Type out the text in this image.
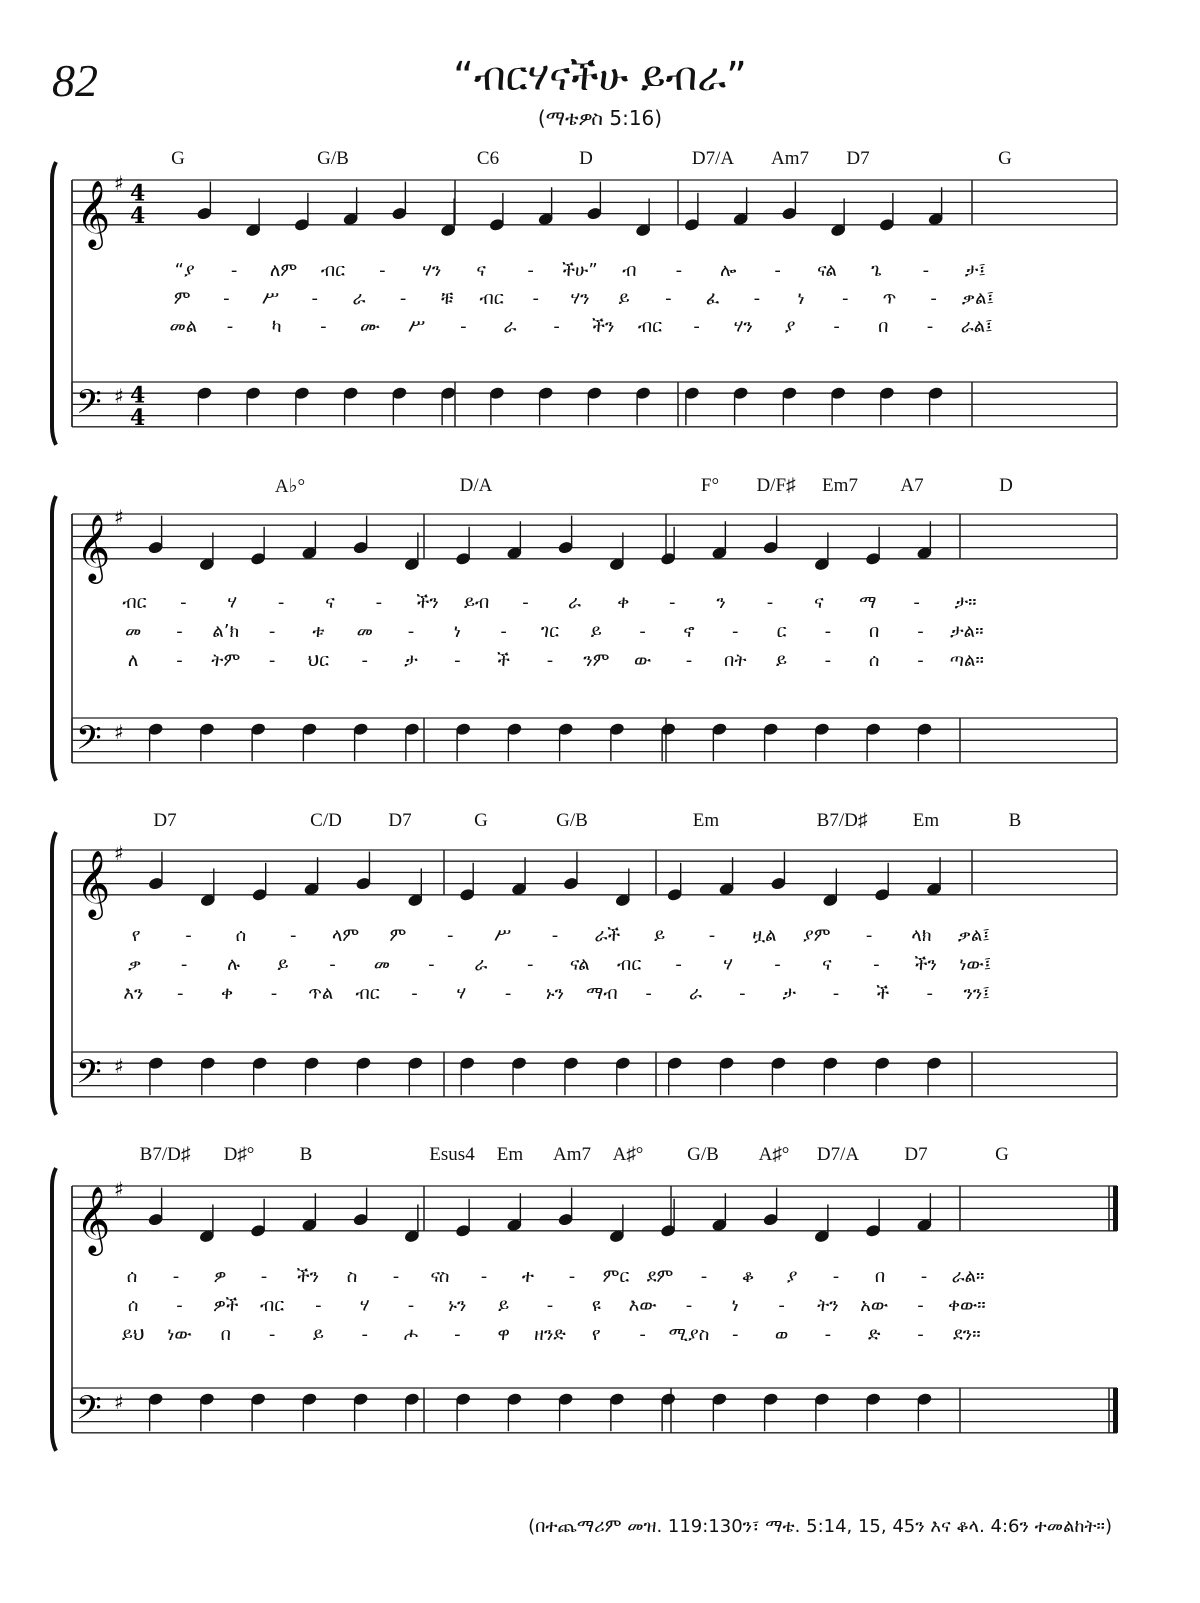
82	“ብርሃናችሁ ይብራ”
(ማቴዎስ 5:16)
𝄞 ♯ 4
4
𝄢 ♯ 4
4
G	G/B	C6	D	D7/A Am7 D7	G
“ያ - ለም ብር - ሃን ና - ችሁ” ብ - ሎ - ናል ጌ - ታ፤
ም - ሥ - ራ - ቹ ብር - ሃን ይ - ፈ - ነ - ጥ - ቃል፤
መል - ካ - ሙ ሥ - ራ - ችን ብር - ሃን ያ - በ - ራል፤
𝄞 ♯
𝄢 ♯
A♭°	D/A	F° D/F♯ Em7 A7	D
ብር - ሃ - ና - ችን ይብ - ራ ቀ - ን - ና ማ - ታ።
መ - ል’ክ - ቱ መ - ነ - ገር ይ - ኖ - ር - በ - ታል።
ለ - ትም - ህር - ታ - ች - ንም ው - በት ይ - ሰ - ጣል።
𝄞 ♯
𝄢 ♯
D7	C/D D7	G	G/B	Em	B7/D♯ Em	B
የ - ሰ - ላም ም - ሥ - ራች ይ - ዟል ያም - ላክ ቃል፤
ቃ - ሉ ይ - መ - ራ - ናል ብር - ሃ - ና - ችን ነው፤
እን - ቀ - ጥል ብር - ሃ - ኑን ማብ - ራ - ታ - ች - ንን፤
𝄞 ♯
𝄢 ♯
B7/D♯ D♯° B	Esus4 Em Am7 A♯° G/B A♯° D7/A D7	G
ሰ - ዎ - ችን ስ - ናስ - ተ - ምር ደም - ቆ ያ - በ - ራል።
ሰ - ዎች ብር - ሃ - ኑን ይ - ዩ እው - ነ - ትን አው - ቀው።
ይህ ነው በ - ይ - ሖ - ዋ ዘንድ የ - ሚያስ - ወ - ድ - ደን።
(በተጨማሪም መዝ. 119:130ን፣ ማቴ. 5:14, 15, 45ን እና ቆላ. 4:6ን ተመልከት።)
